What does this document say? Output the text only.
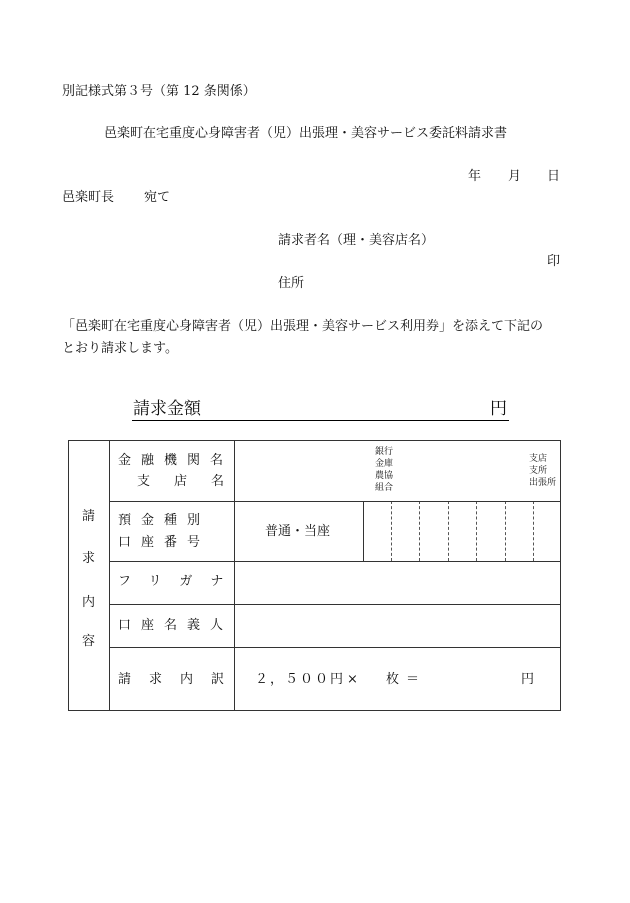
別記様式第３号（第 12 条関係）
邑楽町在宅重度心身障害者（児）出張理・美容サービス委託料請求書
年 月 日
邑楽町長 宛て
請求者名（理・美容店名）
印
住所
「邑楽町在宅重度心身障害者（児）出張理・美容サービス利用券」を添えて下記の
とおり請求します。
請求金額	円
請
求
内
容
金融機関名
支店名
銀行
金庫
農協
組合
支店
支所
出張所
預金種別
口座番号
普通・当座
フリガナ
口座名義人
請求内訳 ２，５００円 × 枚 ＝	円
